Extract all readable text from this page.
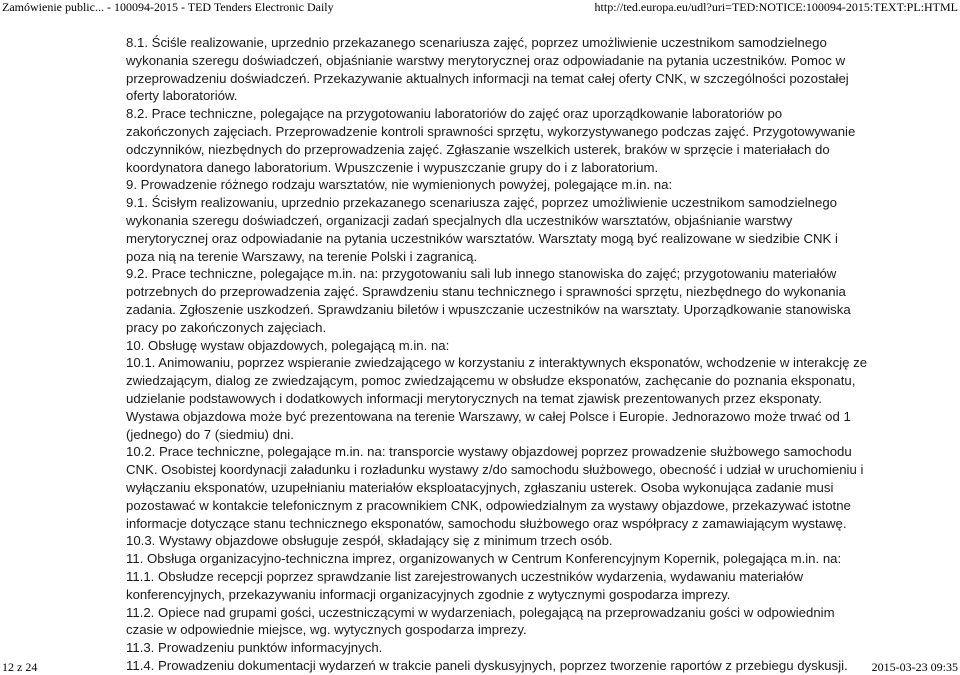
Zamówienie public... - 100094-2015 - TED Tenders Electronic Daily	http://ted.europa.eu/udl?uri=TED:NOTICE:100094-2015:TEXT:PL:HTML
8.1. Ściśle realizowanie, uprzednio przekazanego scenariusza zajęć, poprzez umożliwienie uczestnikom samodzielnego
wykonania szeregu doświadczeń, objaśnianie warstwy merytorycznej oraz odpowiadanie na pytania uczestników. Pomoc w
przeprowadzeniu doświadczeń. Przekazywanie aktualnych informacji na temat całej oferty CNK, w szczególności pozostałej
oferty laboratoriów.
8.2. Prace techniczne, polegające na przygotowaniu laboratoriów do zajęć oraz uporządkowanie laboratoriów po
zakończonych zajęciach. Przeprowadzenie kontroli sprawności sprzętu, wykorzystywanego podczas zajęć. Przygotowywanie
odczynników, niezbędnych do przeprowadzenia zajęć. Zgłaszanie wszelkich usterek, braków w sprzęcie i materiałach do
koordynatora danego laboratorium. Wpuszczenie i wypuszczanie grupy do i z laboratorium.
9. Prowadzenie różnego rodzaju warsztatów, nie wymienionych powyżej, polegające m.in. na:
9.1. Ścisłym realizowaniu, uprzednio przekazanego scenariusza zajęć, poprzez umożliwienie uczestnikom samodzielnego
wykonania szeregu doświadczeń, organizacji zadań specjalnych dla uczestników warsztatów, objaśnianie warstwy
merytorycznej oraz odpowiadanie na pytania uczestników warsztatów. Warsztaty mogą być realizowane w siedzibie CNK i
poza nią na terenie Warszawy, na terenie Polski i zagranicą.
9.2. Prace techniczne, polegające m.in. na: przygotowaniu sali lub innego stanowiska do zajęć; przygotowaniu materiałów
potrzebnych do przeprowadzenia zajęć. Sprawdzeniu stanu technicznego i sprawności sprzętu, niezbędnego do wykonania
zadania. Zgłoszenie uszkodzeń. Sprawdzaniu biletów i wpuszczanie uczestników na warsztaty. Uporządkowanie stanowiska
pracy po zakończonych zajęciach.
10. Obsługę wystaw objazdowych, polegającą m.in. na:
10.1. Animowaniu, poprzez wspieranie zwiedzającego w korzystaniu z interaktywnych eksponatów, wchodzenie w interakcję ze
zwiedzającym, dialog ze zwiedzającym, pomoc zwiedzającemu w obsłudze eksponatów, zachęcanie do poznania eksponatu,
udzielanie podstawowych i dodatkowych informacji merytorycznych na temat zjawisk prezentowanych przez eksponaty.
Wystawa objazdowa może być prezentowana na terenie Warszawy, w całej Polsce i Europie. Jednorazowo może trwać od 1
(jednego) do 7 (siedmiu) dni.
10.2. Prace techniczne, polegające m.in. na: transporcie wystawy objazdowej poprzez prowadzenie służbowego samochodu
CNK. Osobistej koordynacji załadunku i rozładunku wystawy z/do samochodu służbowego, obecność i udział w uruchomieniu i
wyłączaniu eksponatów, uzupełnianiu materiałów eksploatacyjnych, zgłaszaniu usterek. Osoba wykonująca zadanie musi
pozostawać w kontakcie telefonicznym z pracownikiem CNK, odpowiedzialnym za wystawy objazdowe, przekazywać istotne
informacje dotyczące stanu technicznego eksponatów, samochodu służbowego oraz współpracy z zamawiającym wystawę.
10.3. Wystawy objazdowe obsługuje zespół, składający się z minimum trzech osób.
11. Obsługa organizacyjno-techniczna imprez, organizowanych w Centrum Konferencyjnym Kopernik, polegająca m.in. na:
11.1. Obsłudze recepcji poprzez sprawdzanie list zarejestrowanych uczestników wydarzenia, wydawaniu materiałów
konferencyjnych, przekazywaniu informacji organizacyjnych zgodnie z wytycznymi gospodarza imprezy.
11.2. Opiece nad grupami gości, uczestniczącymi w wydarzeniach, polegającą na przeprowadzaniu gości w odpowiednim
czasie w odpowiednie miejsce, wg. wytycznych gospodarza imprezy.
11.3. Prowadzeniu punktów informacyjnych.
11.4. Prowadzeniu dokumentacji wydarzeń w trakcie paneli dyskusyjnych, poprzez tworzenie raportów z przebiegu dyskusji.
12 z 24	2015-03-23 09:35
